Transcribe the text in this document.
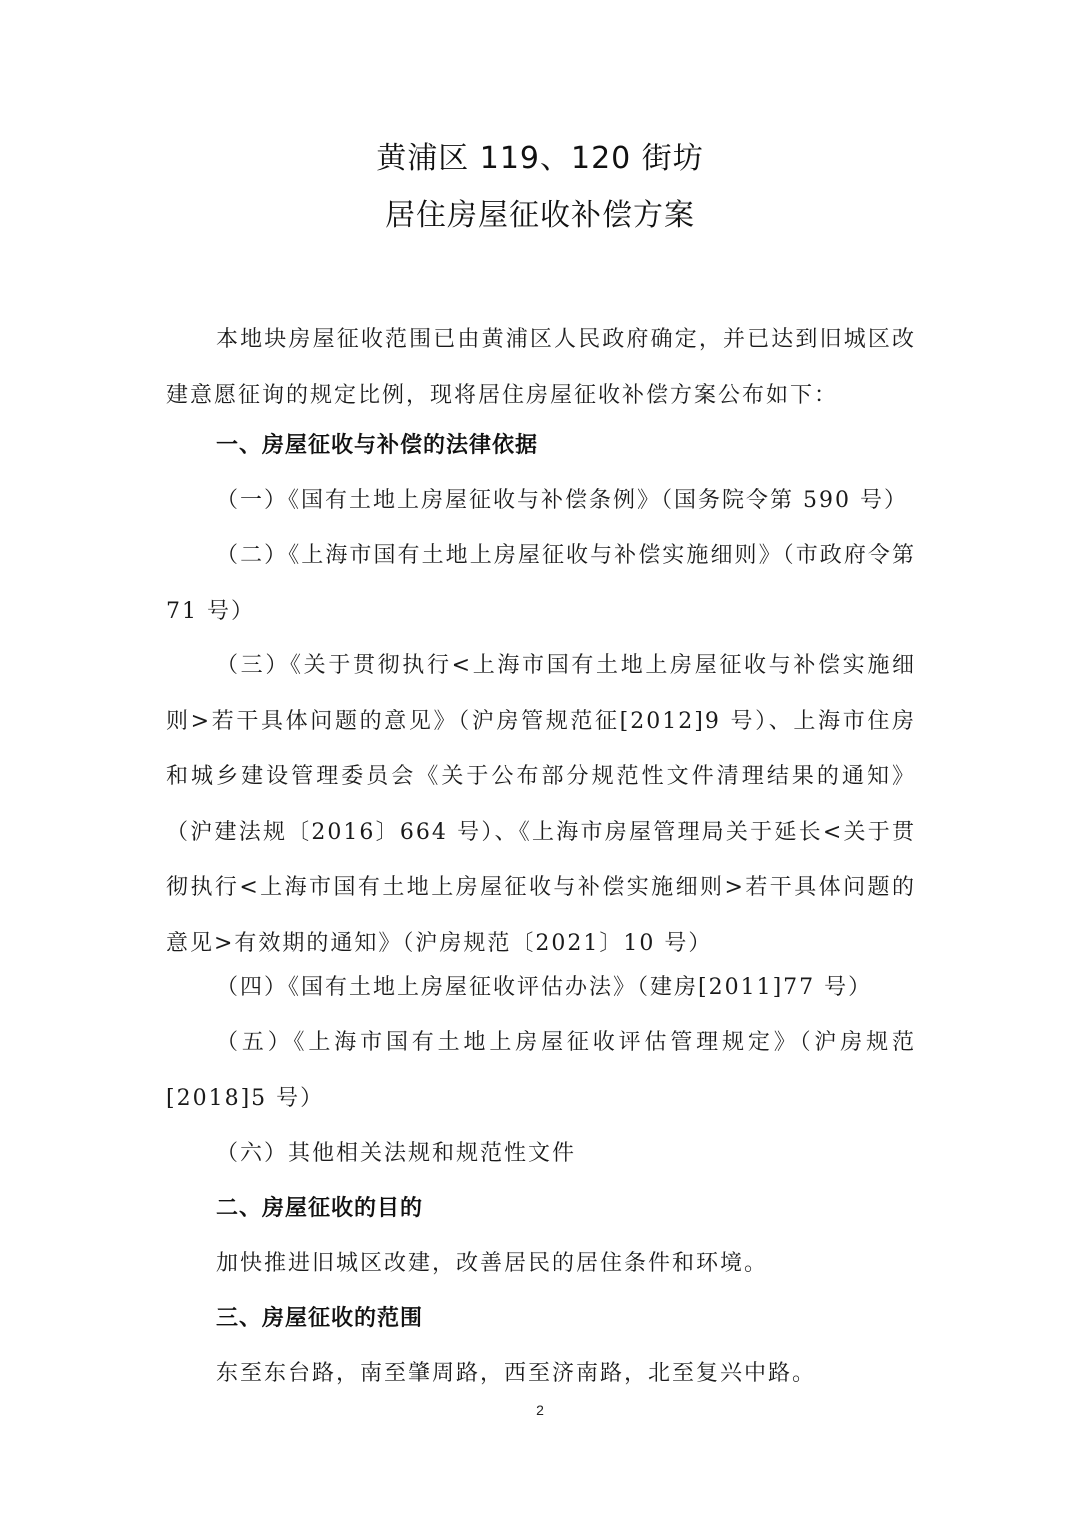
黄浦区 119、120 街坊
居住房屋征收补偿方案

本地块房屋征收范围已由黄浦区人民政府确定，并已达到旧城区改建意愿征询的规定比例，现将居住房屋征收补偿方案公布如下：

一、房屋征收与补偿的法律依据

（一）《国有土地上房屋征收与补偿条例》（国务院令第 590 号）

（二）《上海市国有土地上房屋征收与补偿实施细则》（市政府令第 71 号）

（三）《关于贯彻执行<上海市国有土地上房屋征收与补偿实施细则>若干具体问题的意见》（沪房管规范征[2012]9 号）、上海市住房和城乡建设管理委员会《关于公布部分规范性文件清理结果的通知》（沪建法规〔2016〕664 号）、《上海市房屋管理局关于延长<关于贯彻执行<上海市国有土地上房屋征收与补偿实施细则>若干具体问题的意见>有效期的通知》（沪房规范〔2021〕10 号）

（四）《国有土地上房屋征收评估办法》（建房[2011]77 号）

（五）《上海市国有土地上房屋征收评估管理规定》（沪房规范[2018]5 号）

（六）其他相关法规和规范性文件

二、房屋征收的目的

加快推进旧城区改建，改善居民的居住条件和环境。

三、房屋征收的范围

东至东台路，南至肇周路，西至济南路，北至复兴中路。

2
